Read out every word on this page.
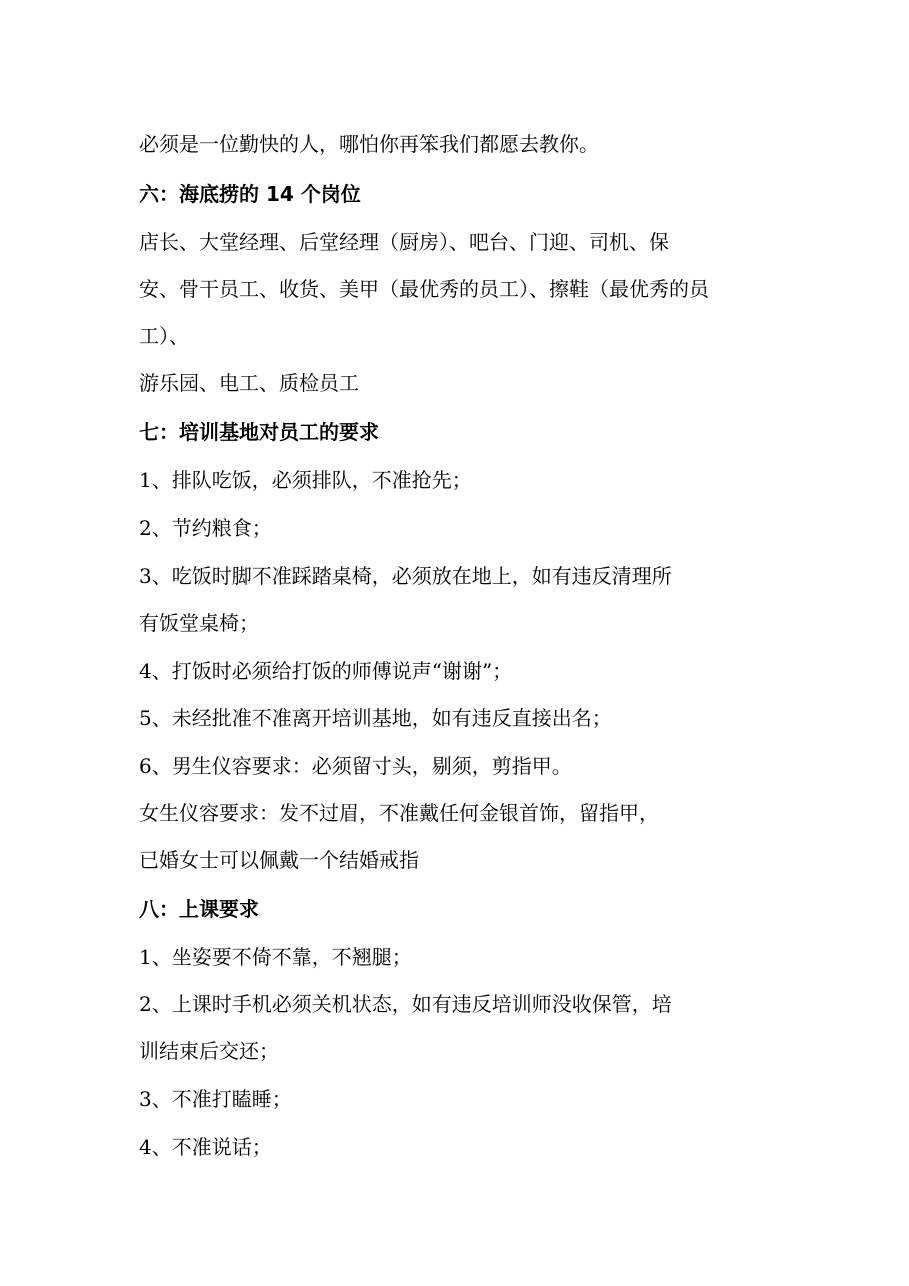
必须是一位勤快的人，哪怕你再笨我们都愿去教你。
六：海底捞的 14 个岗位
店长、大堂经理、后堂经理（厨房）、吧台、门迎、司机、保
安、骨干员工、收货、美甲（最优秀的员工）、擦鞋（最优秀的员
工）、
游乐园、电工、质检员工
七：培训基地对员工的要求
1、排队吃饭，必须排队，不准抢先；
2、节约粮食；
3、吃饭时脚不准踩踏桌椅，必须放在地上，如有违反清理所
有饭堂桌椅；
4、打饭时必须给打饭的师傅说声“谢谢”；
5、未经批准不准离开培训基地，如有违反直接出名；
6、男生仪容要求：必须留寸头，剔须，剪指甲。
女生仪容要求：发不过眉，不准戴任何金银首饰，留指甲，
已婚女士可以佩戴一个结婚戒指
八：上课要求
1、坐姿要不倚不靠，不翘腿；
2、上课时手机必须关机状态，如有违反培训师没收保管，培
训结束后交还；
3、不准打瞌睡；
4、不准说话；
